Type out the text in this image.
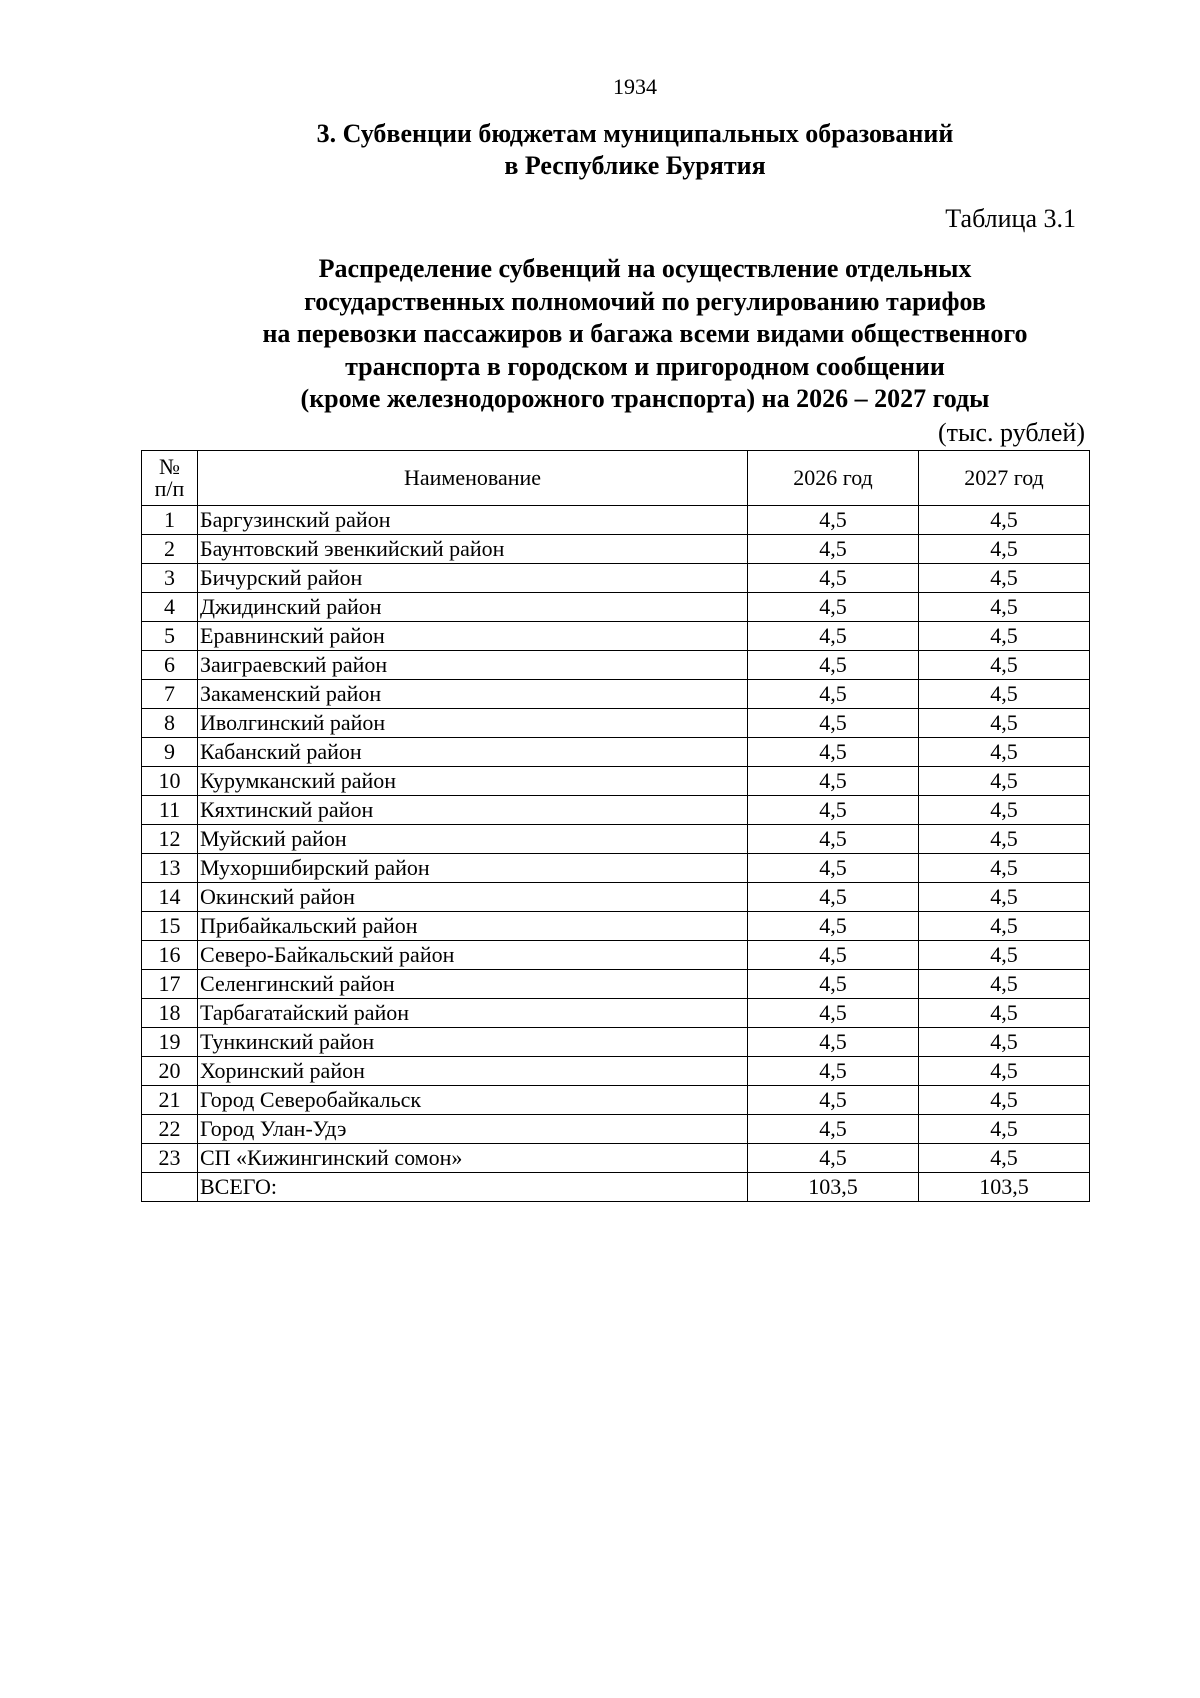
1934
3. Субвенции бюджетам муниципальных образований
в Республике Бурятия
Таблица 3.1
Распределение субвенций на осуществление отдельных
государственных полномочий по регулированию тарифов
на перевозки пассажиров и багажа всеми видами общественного
транспорта в городском и пригородном сообщении
(кроме железнодорожного транспорта) на 2026 – 2027 годы
(тыс. рублей)
№
п/п	Наименование	2026 год	2027 год
1	Баргузинский район	4,5	4,5
2	Баунтовский эвенкийский район	4,5	4,5
3	Бичурский район	4,5	4,5
4	Джидинский район	4,5	4,5
5	Еравнинский район	4,5	4,5
6	Заиграевский район	4,5	4,5
7	Закаменский район	4,5	4,5
8	Иволгинский район	4,5	4,5
9	Кабанский район	4,5	4,5
10	Курумканский район	4,5	4,5
11	Кяхтинский район	4,5	4,5
12	Муйский район	4,5	4,5
13	Мухоршибирский район	4,5	4,5
14	Окинский район	4,5	4,5
15	Прибайкальский район	4,5	4,5
16	Северо-Байкальский район	4,5	4,5
17	Селенгинский район	4,5	4,5
18	Тарбагатайский район	4,5	4,5
19	Тункинский район	4,5	4,5
20	Хоринский район	4,5	4,5
21	Город Северобайкальск	4,5	4,5
22	Город Улан-Удэ	4,5	4,5
23	СП «Кижингинский сомон»	4,5	4,5
	ВСЕГО:	103,5	103,5
